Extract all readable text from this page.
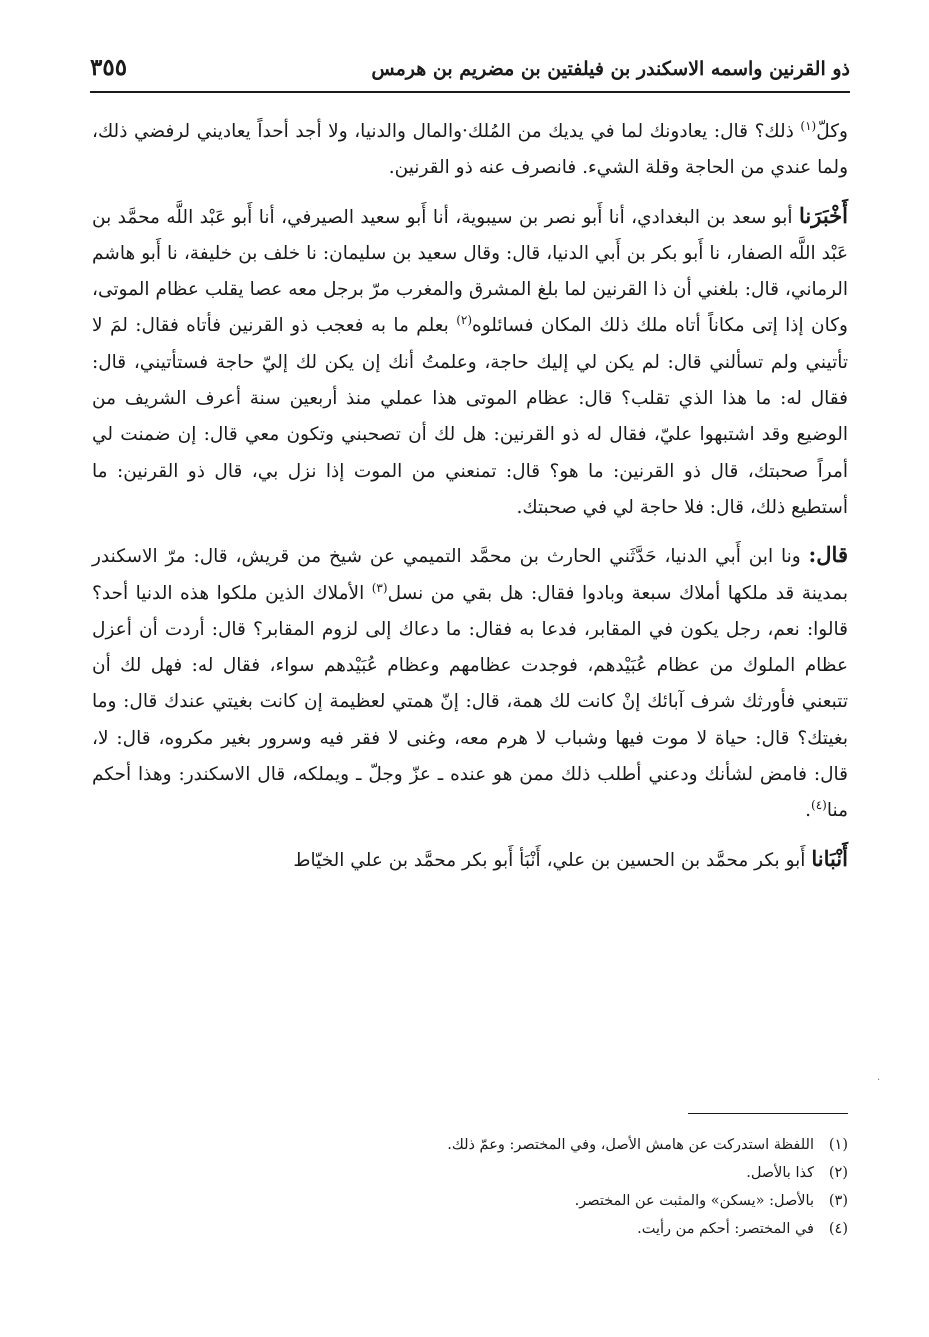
ذو القرنين واسمه الاسكندر بن فيلفتين بن مضريم بن هرمس
٣٥٥

وكلّ$^{(١)}$ ذلك؟ قال: يعادونك لما في يديك من المُلك·والمال والدنيا، ولا أجد أحداً يعاديني لرفضي ذلك، ولما عندي من الحاجة وقلة الشيء. فانصرف عنه ذو القرنين.

أَخْبَرَنا أبو سعد بن البغدادي، أنا أَبو نصر بن سيبوية، أنا أَبو سعيد الصيرفي، أنا أَبو عَبْد اللَّه محمَّد بن عَبْد اللَّه الصفار، نا أَبو بكر بن أَبي الدنيا، قال: وقال سعيد بن سليمان: نا خلف بن خليفة، نا أَبو هاشم الرماني، قال: بلغني أن ذا القرنين لما بلغ المشرق والمغرب مرّ برجل معه عصا يقلب عظام الموتى، وكان إذا إتى مكاناً أتاه ملك ذلك المكان فسائلوه$^{(٢)}$ بعلم ما به فعجب ذو القرنين فأتاه فقال: لمَ لا تأتيني ولم تسألني قال: لم يكن لي إليك حاجة، وعلمتُ أنك إن يكن لك إليّ حاجة فستأتيني، قال: فقال له: ما هذا الذي تقلب؟ قال: عظام الموتى هذا عملي منذ أربعين سنة أعرف الشريف من الوضيع وقد اشتبهوا عليّ، فقال له ذو القرنين: هل لك أن تصحبني وتكون معي قال: إن ضمنت لي أمراً صحبتك، قال ذو القرنين: ما هو؟ قال: تمنعني من الموت إذا نزل بي، قال ذو القرنين: ما أستطيع ذلك، قال: فلا حاجة لي في صحبتك.

قال: ونا ابن أَبي الدنيا، حَدَّثَني الحارث بن محمَّد التميمي عن شيخ من قريش، قال: مرّ الاسكندر بمدينة قد ملكها أملاك سبعة وبادوا فقال: هل بقي من نسل$^{(٣)}$ الأملاك الذين ملكوا هذه الدنيا أحد؟ قالوا: نعم، رجل يكون في المقابر، فدعا به فقال: ما دعاك إلى لزوم المقابر؟ قال: أردت أن أعزل عظام الملوك من عظام عُبَيْدهم، فوجدت عظامهم وعظام عُبَيْدهم سواء، فقال له: فهل لك أن تتبعني فأورثك شرف آبائك إنْ كانت لك همة، قال: إنّ همتي لعظيمة إن كانت بغيتي عندك قال: وما بغيتك؟ قال: حياة لا موت فيها وشباب لا هرم معه، وغنى لا فقر فيه وسرور بغير مكروه، قال: لا، قال: فامض لشأنك ودعني أطلب ذلك ممن هو عنده ـ عزّ وجلّ ـ ويملكه، قال الاسكندر: وهذا أحكم منا$^{(٤)}$.

أَنْبَانا أَبو بكر محمَّد بن الحسين بن علي، أَنْبَأ أَبو بكر محمَّد بن علي الخيّاط

·
(١)اللفظة استدركت عن هامش الأصل، وفي المختصر: وعمّ ذلك.
(٢)كذا بالأصل.
(٣)بالأصل: «يسكن» والمثبت عن المختصر.
(٤)في المختصر: أحكم من رأيت.
